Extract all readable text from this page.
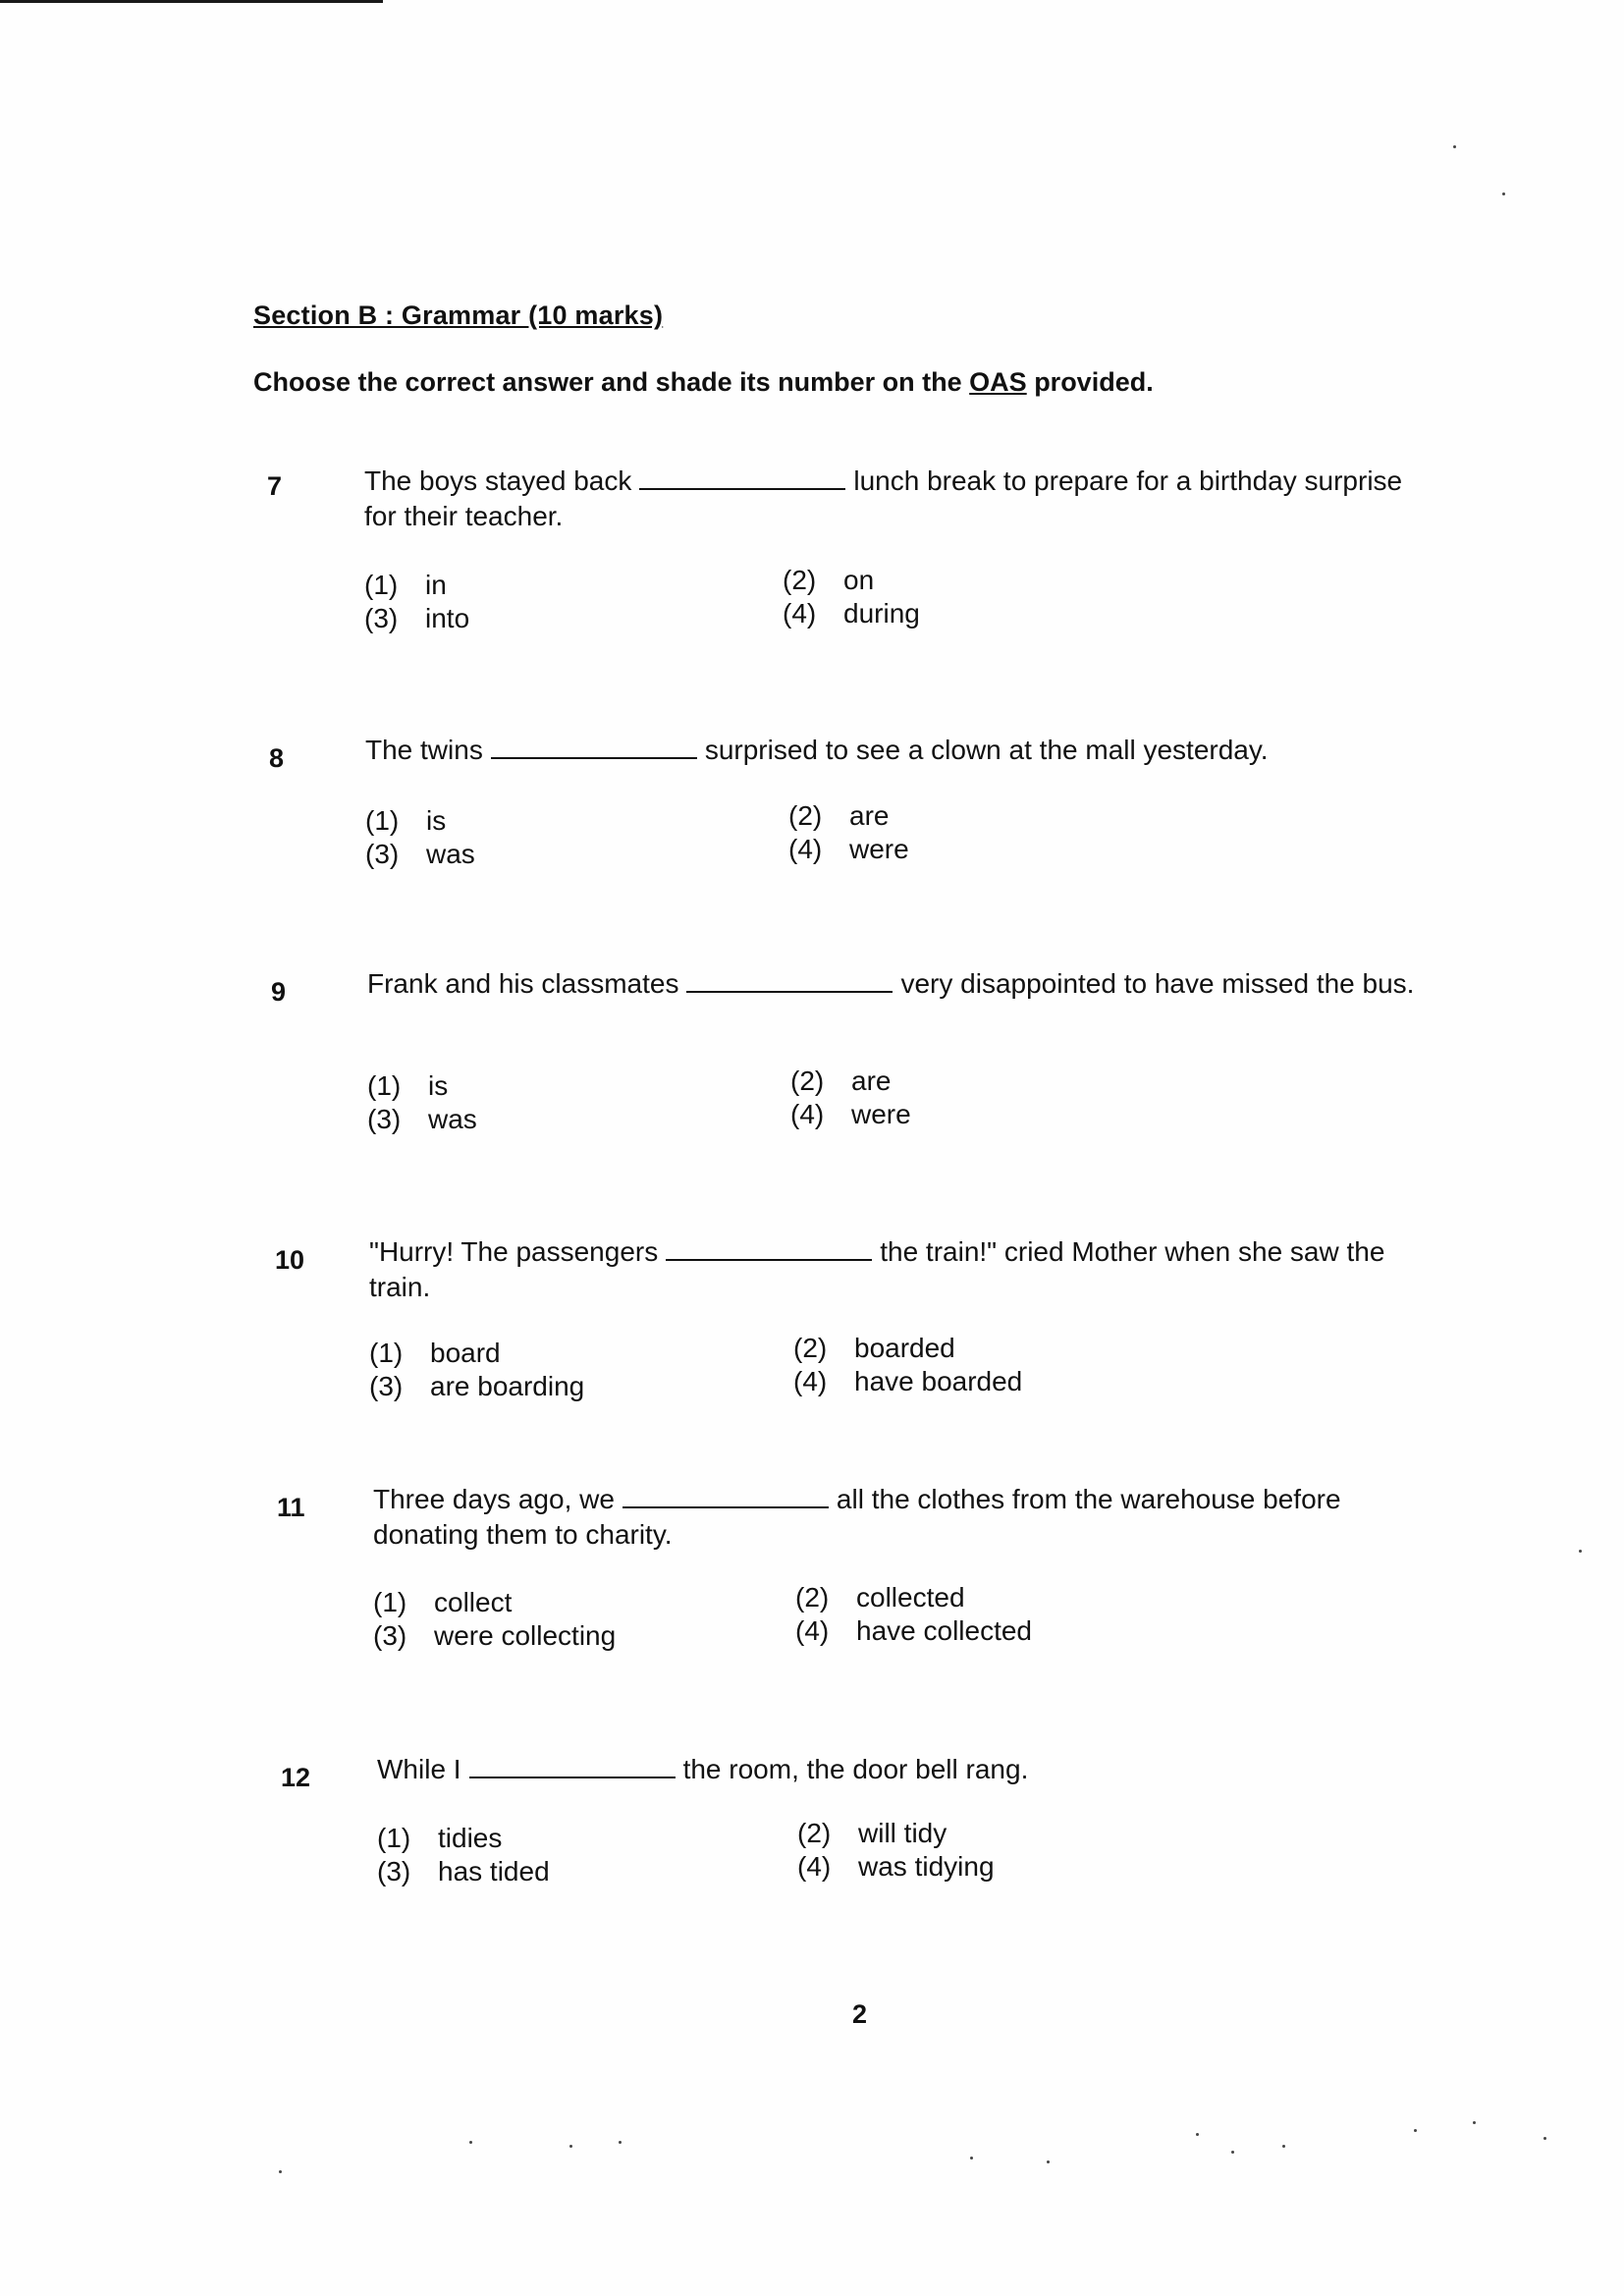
Section B : Grammar (10 marks)
Choose the correct answer and shade its number on the OAS provided.
7	The boys stayed back	lunch break to prepare for a birthday surprise for their teacher.
(1) in	(2) on
(3) into	(4) during
8	The twins	surprised to see a clown at the mall yesterday.
(1) is	(2) are
(3) was	(4) were
9	Frank and his classmates	very disappointed to have missed the bus.
(1) is	(2) are
(3) was	(4) were
10 "Hurry! The passengers	the train!" cried Mother when she saw the train.
(1) board	(2) boarded
(3) are boarding	(4) have boarded
11 Three days ago, we	all the clothes from the warehouse before donating them to charity.
(1) collect	(2) collected
(3) were collecting	(4) have collected
12 While I	the room, the door bell rang.
(1) tidies	(2) will tidy
(3) has tided	(4) was tidying
2
